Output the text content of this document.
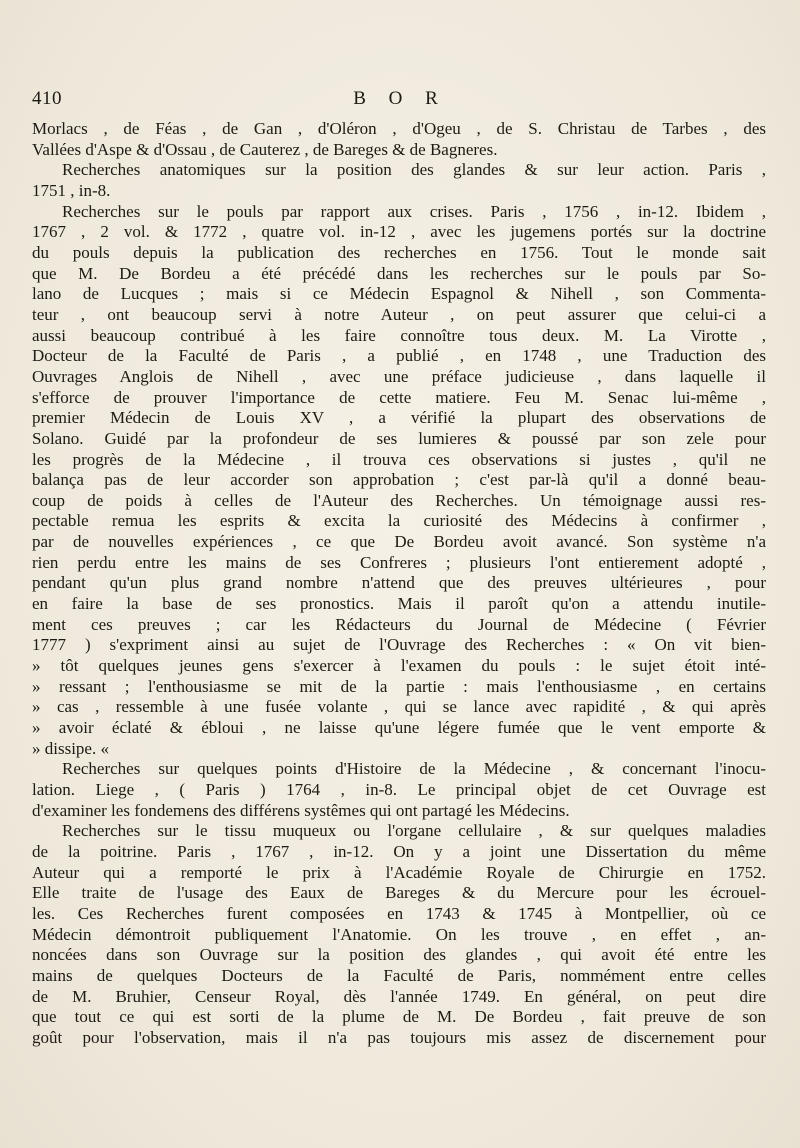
410	B O R
Morlacs , de Féas , de Gan , d'Oléron , d'Ogeu , de S. Christau de Tarbes , des
Vallées d'Aspe & d'Ossau , de Cauterez , de Bareges & de Bagneres.
Recherches anatomiques sur la position des glandes & sur leur action. Paris ,
1751 , in-8.
Recherches sur le pouls par rapport aux crises. Paris , 1756 , in-12. Ibidem ,
1767 , 2 vol. & 1772 , quatre vol. in-12 , avec les jugemens portés sur la doctrine
du pouls depuis la publication des recherches en 1756. Tout le monde sait
que M. De Bordeu a été précédé dans les recherches sur le pouls par So-
lano de Lucques ; mais si ce Médecin Espagnol & Nihell , son Commenta-
teur , ont beaucoup servi à notre Auteur , on peut assurer que celui-ci a
aussi beaucoup contribué à les faire connoître tous deux. M. La Virotte ,
Docteur de la Faculté de Paris , a publié , en 1748 , une Traduction des
Ouvrages Anglois de Nihell , avec une préface judicieuse , dans laquelle il
s'efforce de prouver l'importance de cette matiere. Feu M. Senac lui-même ,
premier Médecin de Louis XV , a vérifié la plupart des observations de
Solano. Guidé par la profondeur de ses lumieres & poussé par son zele pour
les progrès de la Médecine , il trouva ces observations si justes , qu'il ne
balança pas de leur accorder son approbation ; c'est par-là qu'il a donné beau-
coup de poids à celles de l'Auteur des Recherches. Un témoignage aussi res-
pectable remua les esprits & excita la curiosité des Médecins à confirmer ,
par de nouvelles expériences , ce que De Bordeu avoit avancé. Son système n'a
rien perdu entre les mains de ses Confreres ; plusieurs l'ont entierement adopté ,
pendant qu'un plus grand nombre n'attend que des preuves ultérieures , pour
en faire la base de ses pronostics. Mais il paroît qu'on a attendu inutile-
ment ces preuves ; car les Rédacteurs du Journal de Médecine ( Février
1777 ) s'expriment ainsi au sujet de l'Ouvrage des Recherches : « On vit bien-
» tôt quelques jeunes gens s'exercer à l'examen du pouls : le sujet étoit inté-
» ressant ; l'enthousiasme se mit de la partie : mais l'enthousiasme , en certains
» cas , ressemble à une fusée volante , qui se lance avec rapidité , & qui après
» avoir éclaté & ébloui , ne laisse qu'une légere fumée que le vent emporte &
» dissipe. «
Recherches sur quelques points d'Histoire de la Médecine , & concernant l'inocu-
lation. Liege , ( Paris ) 1764 , in-8. Le principal objet de cet Ouvrage est
d'examiner les fondemens des différens systêmes qui ont partagé les Médecins.
Recherches sur le tissu muqueux ou l'organe cellulaire , & sur quelques maladies
de la poitrine. Paris , 1767 , in-12. On y a joint une Dissertation du même
Auteur qui a remporté le prix à l'Académie Royale de Chirurgie en 1752.
Elle traite de l'usage des Eaux de Bareges & du Mercure pour les écrouel-
les. Ces Recherches furent composées en 1743 & 1745 à Montpellier, où ce
Médecin démontroit publiquement l'Anatomie. On les trouve , en effet , an-
noncées dans son Ouvrage sur la position des glandes , qui avoit été entre les
mains de quelques Docteurs de la Faculté de Paris, nommément entre celles
de M. Bruhier, Censeur Royal, dès l'année 1749. En général, on peut dire
que tout ce qui est sorti de la plume de M. De Bordeu , fait preuve de son
goût pour l'observation, mais il n'a pas toujours mis assez de discernement pour
